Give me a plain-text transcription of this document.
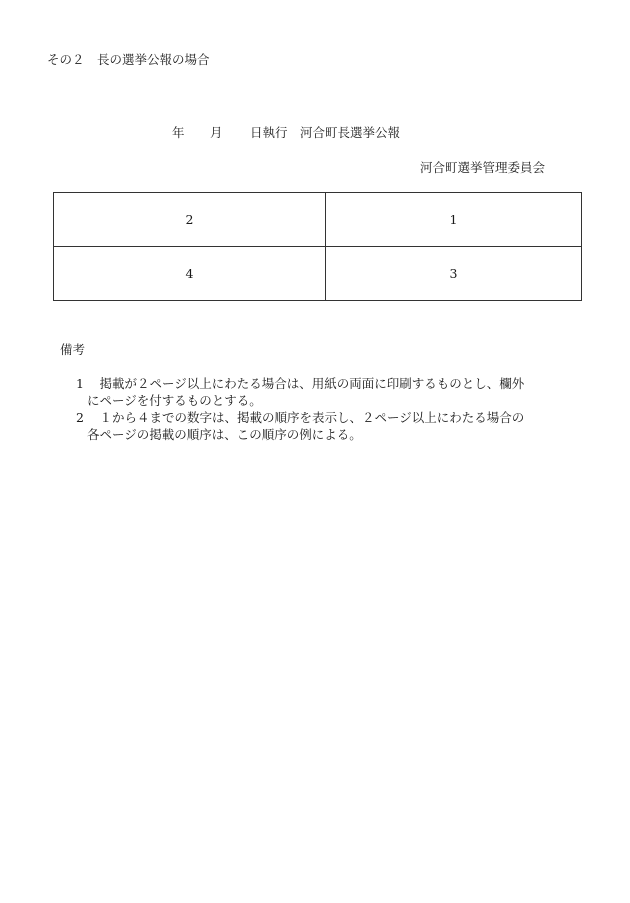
その２　長の選挙公報の場合
年 月 日執行 河合町長選挙公報
河合町選挙管理委員会
2	1
4	3
備考
1 　掲載が２ページ以上にわたる場合は、用紙の両面に印刷するものとし、欄外
にページを付するものとする。
2 　１から４までの数字は、掲載の順序を表示し、２ページ以上にわたる場合の
各ページの掲載の順序は、この順序の例による。
